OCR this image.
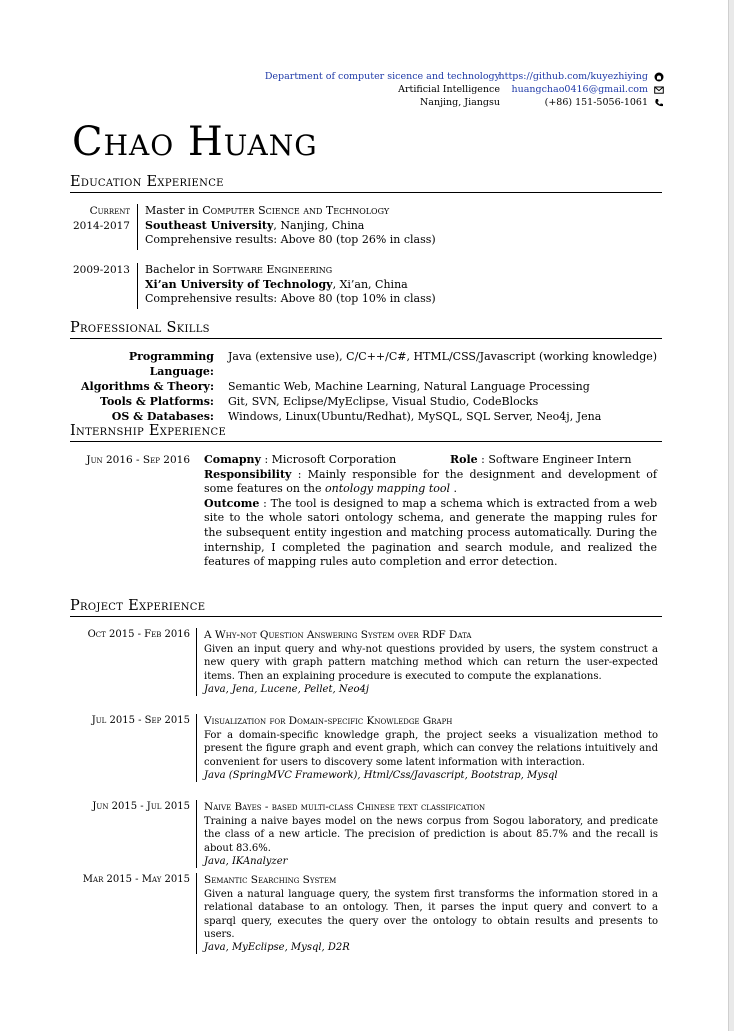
Department of computer sicence and technology
Artificial Intelligence
Nanjing, Jiangsu
https://github.com/kuyezhiying
huangchao0416@gmail.com
(+86) 151-5056-1061
Chao Huang
Education Experience
Current
2014-2017
Master in Computer Science and Technology
Southeast University, Nanjing, China
Comprehensive results: Above 80 (top 26% in class)
2009-2013 Bachelor in Software Engineering
Xi’an University of Technology, Xi’an, China
Comprehensive results: Above 80 (top 10% in class)
Professional Skills
Programming Language:
Java (extensive use), C/C++/C#, HTML/CSS/Javascript (working knowledge)
Algorithms & Theory:	Semantic Web, Machine Learning, Natural Language Processing
Tools & Platforms:	Git, SVN, Eclipse/MyEclipse, Visual Studio, CodeBlocks
OS & Databases:	Windows, Linux(Ubuntu/Redhat), MySQL, SQL Server, Neo4j, Jena
Internship Experience
Jun 2016 - Sep 2016 Comapny : Microsoft Corporation	Role : Software Engineer Intern
Responsibility : Mainly responsible for the designment and development of some features on the ontology mapping tool .
Outcome : The tool is designed to map a schema which is extracted from a web site to the whole satori ontology schema, and generate the mapping rules for the subsequent entity ingestion and matching process automatically. During the internship, I completed the pagination and search module, and realized the features of mapping rules auto completion and error detection.
Project Experience
Oct 2015 - Feb 2016 A Why-not Question Answering System over RDF Data
Given an input query and why-not questions provided by users, the system construct a new query with graph pattern matching method which can return the user-expected items. Then an explaining procedure is executed to compute the explanations.
Java, Jena, Lucene, Pellet, Neo4j
Jul 2015 - Sep 2015 Visualization for Domain-specific Knowledge Graph
For a domain-specific knowledge graph, the project seeks a visualization method to present the figure graph and event graph, which can convey the relations intuitively and convenient for users to discovery some latent information with interaction.
Java (SpringMVC Framework), Html/Css/Javascript, Bootstrap, Mysql
Jun 2015 - Jul 2015 Naive Bayes - based multi-class Chinese text classification
Training a naive bayes model on the news corpus from Sogou laboratory, and predicate the class of a new article. The precision of prediction is about 85.7% and the recall is about 83.6%.
Java, IKAnalyzer
Mar 2015 - May 2015 Semantic Searching System
Given a natural language query, the system first transforms the information stored in a relational database to an ontology. Then, it parses the input query and convert to a sparql query, executes the query over the ontology to obtain results and presents to users.
Java, MyEclipse, Mysql, D2R
